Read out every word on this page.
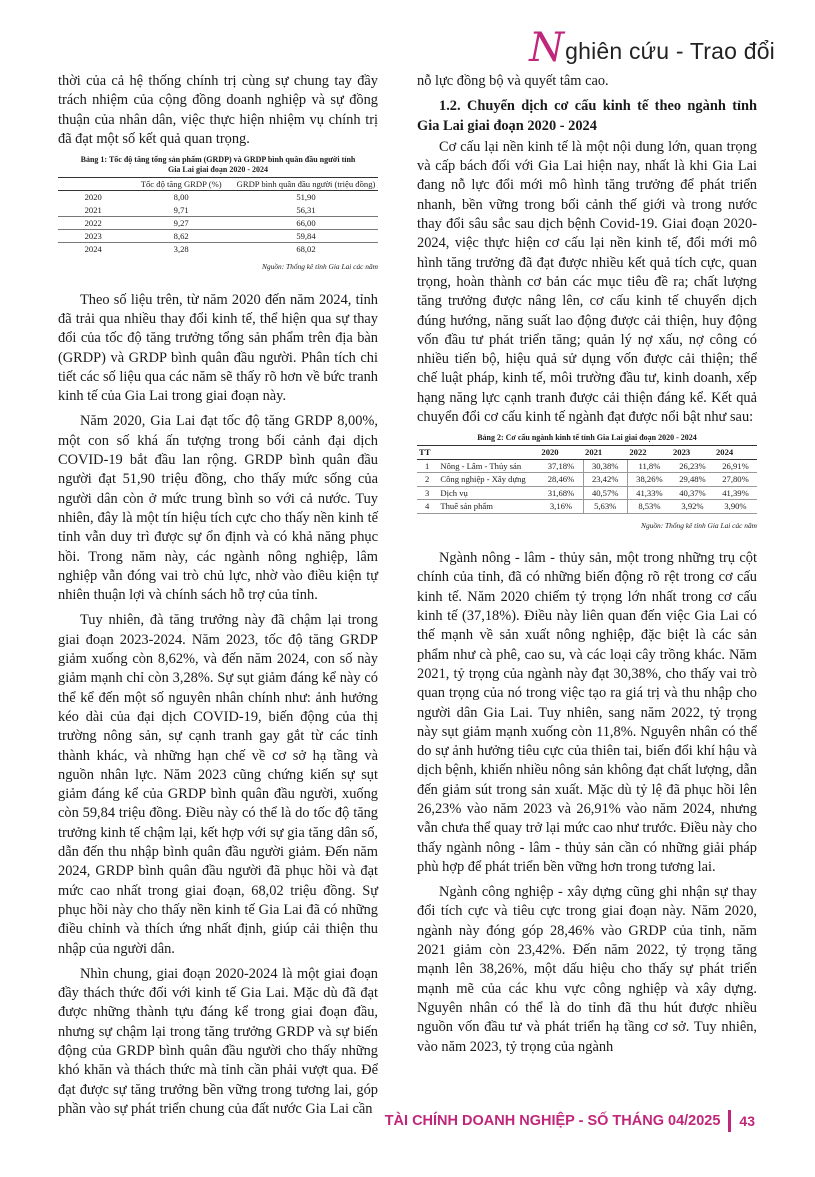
N ghiên cứu - Trao đổi

thời của cả hệ thống chính trị cùng sự chung tay đầy trách nhiệm của cộng đồng doanh nghiệp và sự đồng thuận của nhân dân, việc thực hiện nhiệm vụ chính trị đã đạt một số kết quả quan trọng.

Bảng 1: Tốc độ tăng tổng sản phẩm (GRDP) và GRDP bình quân đầu người tỉnh
Gia Lai giai đoạn 2020 - 2024
	Tốc độ tăng GRDP (%)	GRDP bình quân đầu người (triệu đồng)
2020	8,00	51,90
2021	9,71	56,31
2022	9,27	66,00
2023	8,62	59,84
2024	3,28	68,02
Nguồn: Thống kê tỉnh Gia Lai các năm

Theo số liệu trên, từ năm 2020 đến năm 2024, tỉnh đã trải qua nhiều thay đổi kinh tế, thể hiện qua sự thay đổi của tốc độ tăng trưởng tổng sản phẩm trên địa bàn (GRDP) và GRDP bình quân đầu người. Phân tích chi tiết các số liệu qua các năm sẽ thấy rõ hơn về bức tranh kinh tế của Gia Lai trong giai đoạn này.

Năm 2020, Gia Lai đạt tốc độ tăng GRDP 8,00%, một con số khá ấn tượng trong bối cảnh đại dịch COVID-19 bắt đầu lan rộng. GRDP bình quân đầu người đạt 51,90 triệu đồng, cho thấy mức sống của người dân còn ở mức trung bình so với cả nước. Tuy nhiên, đây là một tín hiệu tích cực cho thấy nền kinh tế tỉnh vẫn duy trì được sự ổn định và có khả năng phục hồi. Trong năm này, các ngành nông nghiệp, lâm nghiệp vẫn đóng vai trò chủ lực, nhờ vào điều kiện tự nhiên thuận lợi và chính sách hỗ trợ của tỉnh.

Tuy nhiên, đà tăng trưởng này đã chậm lại trong giai đoạn 2023-2024. Năm 2023, tốc độ tăng GRDP giảm xuống còn 8,62%, và đến năm 2024, con số này giảm mạnh chỉ còn 3,28%. Sự sụt giảm đáng kể này có thể kể đến một số nguyên nhân chính như: ảnh hưởng kéo dài của đại dịch COVID-19, biến động của thị trường nông sản, sự cạnh tranh gay gắt từ các tỉnh thành khác, và những hạn chế về cơ sở hạ tầng và nguồn nhân lực. Năm 2023 cũng chứng kiến sự sụt giảm đáng kể của GRDP bình quân đầu người, xuống còn 59,84 triệu đồng. Điều này có thể là do tốc độ tăng trưởng kinh tế chậm lại, kết hợp với sự gia tăng dân số, dẫn đến thu nhập bình quân đầu người giảm. Đến năm 2024, GRDP bình quân đầu người đã phục hồi và đạt mức cao nhất trong giai đoạn, 68,02 triệu đồng. Sự phục hồi này cho thấy nền kinh tế Gia Lai đã có những điều chỉnh và thích ứng nhất định, giúp cải thiện thu nhập của người dân.

Nhìn chung, giai đoạn 2020-2024 là một giai đoạn đầy thách thức đối với kinh tế Gia Lai. Mặc dù đã đạt được những thành tựu đáng kể trong giai đoạn đầu, nhưng sự chậm lại trong tăng trưởng GRDP và sự biến động của GRDP bình quân đầu người cho thấy những khó khăn và thách thức mà tỉnh cần phải vượt qua. Để đạt được sự tăng trưởng bền vững trong tương lai, góp phần vào sự phát triển chung của đất nước Gia Lai cần

nỗ lực đồng bộ và quyết tâm cao.

1.2. Chuyển dịch cơ cấu kinh tế theo ngành tỉnh Gia Lai giai đoạn 2020 - 2024

Cơ cấu lại nền kinh tế là một nội dung lớn, quan trọng và cấp bách đối với Gia Lai hiện nay, nhất là khi Gia Lai đang nỗ lực đổi mới mô hình tăng trưởng để phát triển nhanh, bền vững trong bối cảnh thế giới và trong nước thay đổi sâu sắc sau dịch bệnh Covid-19. Giai đoạn 2020-2024, việc thực hiện cơ cấu lại nền kinh tế, đổi mới mô hình tăng trưởng đã đạt được nhiều kết quả tích cực, quan trọng, hoàn thành cơ bản các mục tiêu đề ra; chất lượng tăng trưởng được nâng lên, cơ cấu kinh tế chuyển dịch đúng hướng, năng suất lao động được cải thiện, huy động vốn đầu tư phát triển tăng; quản lý nợ xấu, nợ công có nhiều tiến bộ, hiệu quả sử dụng vốn được cải thiện; thể chế luật pháp, kinh tế, môi trường đầu tư, kinh doanh, xếp hạng năng lực cạnh tranh được cải thiện đáng kể. Kết quả chuyển đổi cơ cấu kinh tế ngành đạt được nổi bật như sau:

Bảng 2: Cơ cấu ngành kinh tế tỉnh Gia Lai giai đoạn 2020 - 2024
TT		2020	2021	2022	2023	2024
1	Nông - Lâm - Thủy sản	37,18%	30,38%	11,8%	26,23%	26,91%
2	Công nghiệp - Xây dựng	28,46%	23,42%	38,26%	29,48%	27,80%
3	Dịch vụ	31,68%	40,57%	41,33%	40,37%	41,39%
4	Thuế sản phẩm	3,16%	5,63%	8,53%	3,92%	3,90%
Nguồn: Thống kê tỉnh Gia Lai các năm

Ngành nông - lâm - thủy sản, một trong những trụ cột chính của tỉnh, đã có những biến động rõ rệt trong cơ cấu kinh tế. Năm 2020 chiếm tỷ trọng lớn nhất trong cơ cấu kinh tế (37,18%). Điều này liên quan đến việc Gia Lai có thế mạnh về sản xuất nông nghiệp, đặc biệt là các sản phẩm như cà phê, cao su, và các loại cây trồng khác. Năm 2021, tỷ trọng của ngành này đạt 30,38%, cho thấy vai trò quan trọng của nó trong việc tạo ra giá trị và thu nhập cho người dân Gia Lai. Tuy nhiên, sang năm 2022, tỷ trọng này sụt giảm mạnh xuống còn 11,8%. Nguyên nhân có thể do sự ảnh hưởng tiêu cực của thiên tai, biến đổi khí hậu và dịch bệnh, khiến nhiều nông sản không đạt chất lượng, dẫn đến giảm sút trong sản xuất. Mặc dù tỷ lệ đã phục hồi lên 26,23% vào năm 2023 và 26,91% vào năm 2024, nhưng vẫn chưa thể quay trở lại mức cao như trước. Điều này cho thấy ngành nông - lâm - thủy sản cần có những giải pháp phù hợp để phát triển bền vững hơn trong tương lai.

Ngành công nghiệp - xây dựng cũng ghi nhận sự thay đổi tích cực và tiêu cực trong giai đoạn này. Năm 2020, ngành này đóng góp 28,46% vào GRDP của tỉnh, năm 2021 giảm còn 23,42%. Đến năm 2022, tỷ trọng tăng mạnh lên 38,26%, một dấu hiệu cho thấy sự phát triển mạnh mẽ của các khu vực công nghiệp và xây dựng. Nguyên nhân có thể là do tỉnh đã thu hút được nhiều nguồn vốn đầu tư và phát triển hạ tầng cơ sở. Tuy nhiên, vào năm 2023, tỷ trọng của ngành

TÀI CHÍNH DOANH NGHIỆP - SỐ THÁNG 04/2025 43
